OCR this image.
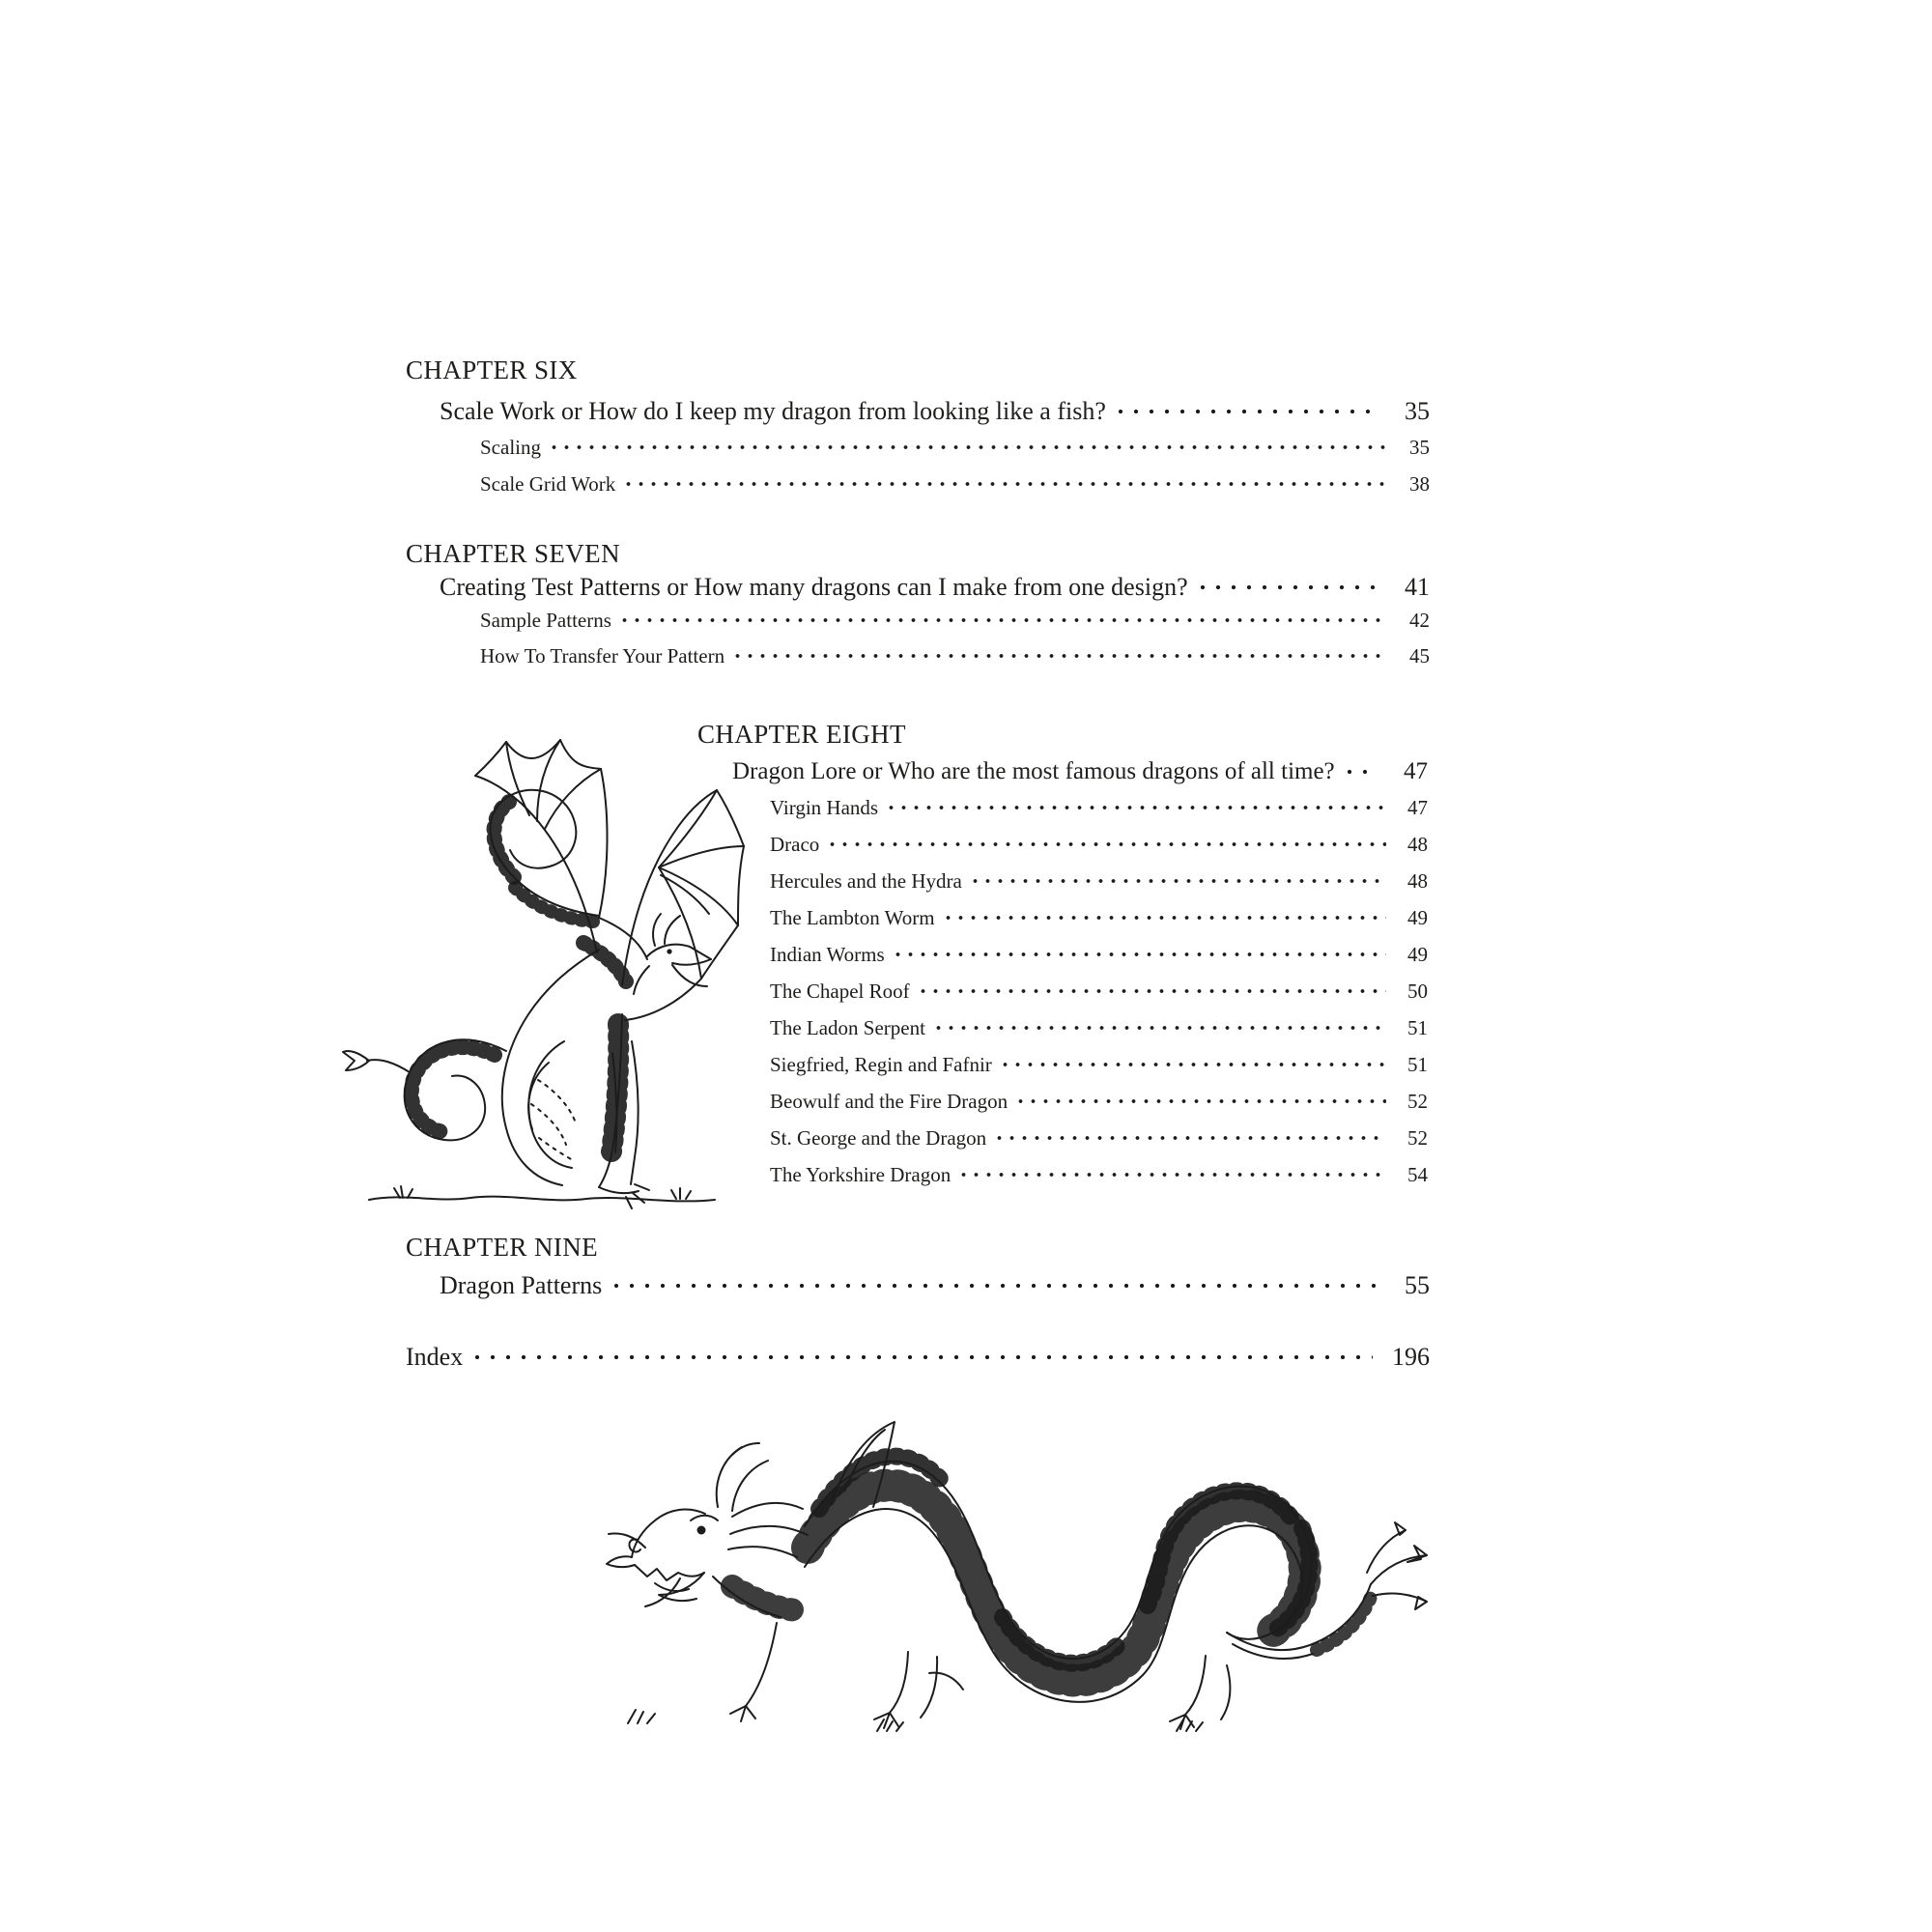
CHAPTER SIX
Scale Work or How do I keep my dragon from looking like a fish?	35
Scaling	35
Scale Grid Work	38
CHAPTER SEVEN
Creating Test Patterns or How many dragons can I make from one design?	41
Sample Patterns	42
How To Transfer Your Pattern	45
CHAPTER EIGHT
Dragon Lore or Who are the most famous dragons of all time?	47
Virgin Hands	47
Draco	48
Hercules and the Hydra	48
The Lambton Worm	49
Indian Worms	49
The Chapel Roof	50
The Ladon Serpent	51
Siegfried, Regin and Fafnir	51
Beowulf and the Fire Dragon	52
St. George and the Dragon	52
The Yorkshire Dragon	54
CHAPTER NINE
Dragon Patterns	55
Index	196
